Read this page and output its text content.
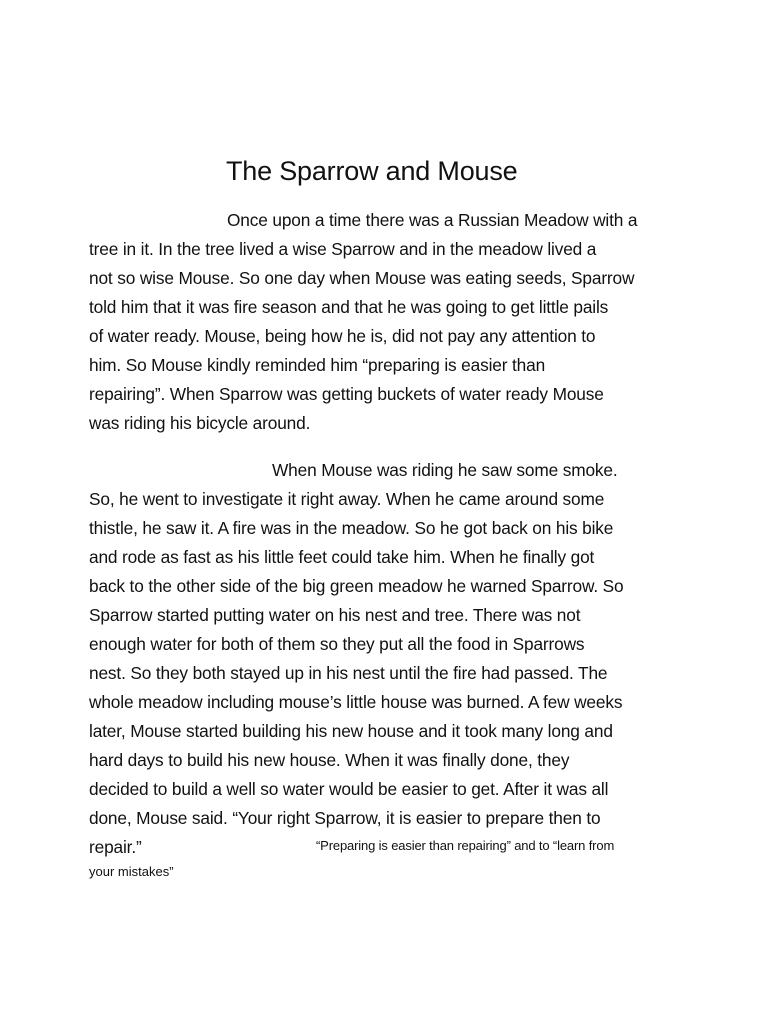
The Sparrow and Mouse
Once upon a time there was a Russian Meadow with a
tree in it. In the tree lived a wise Sparrow and in the meadow lived a
not so wise Mouse. So one day when Mouse was eating seeds, Sparrow
told him that it was fire season and that he was going to get little pails
of water ready. Mouse, being how he is, did not pay any attention to
him. So Mouse kindly reminded him “preparing is easier than
repairing”. When Sparrow was getting buckets of water ready Mouse
was riding his bicycle around.
When Mouse was riding he saw some smoke.
So, he went to investigate it right away. When he came around some
thistle, he saw it. A fire was in the meadow. So he got back on his bike
and rode as fast as his little feet could take him. When he finally got
back to the other side of the big green meadow he warned Sparrow. So
Sparrow started putting water on his nest and tree. There was not
enough water for both of them so they put all the food in Sparrows
nest. So they both stayed up in his nest until the fire had passed. The
whole meadow including mouse’s little house was burned. A few weeks
later, Mouse started building his new house and it took many long and
hard days to build his new house. When it was finally done, they
decided to build a well so water would be easier to get. After it was all
done, Mouse said. “Your right Sparrow, it is easier to prepare then to
repair.”	“Preparing is easier than repairing” and to “learn from
your mistakes”
